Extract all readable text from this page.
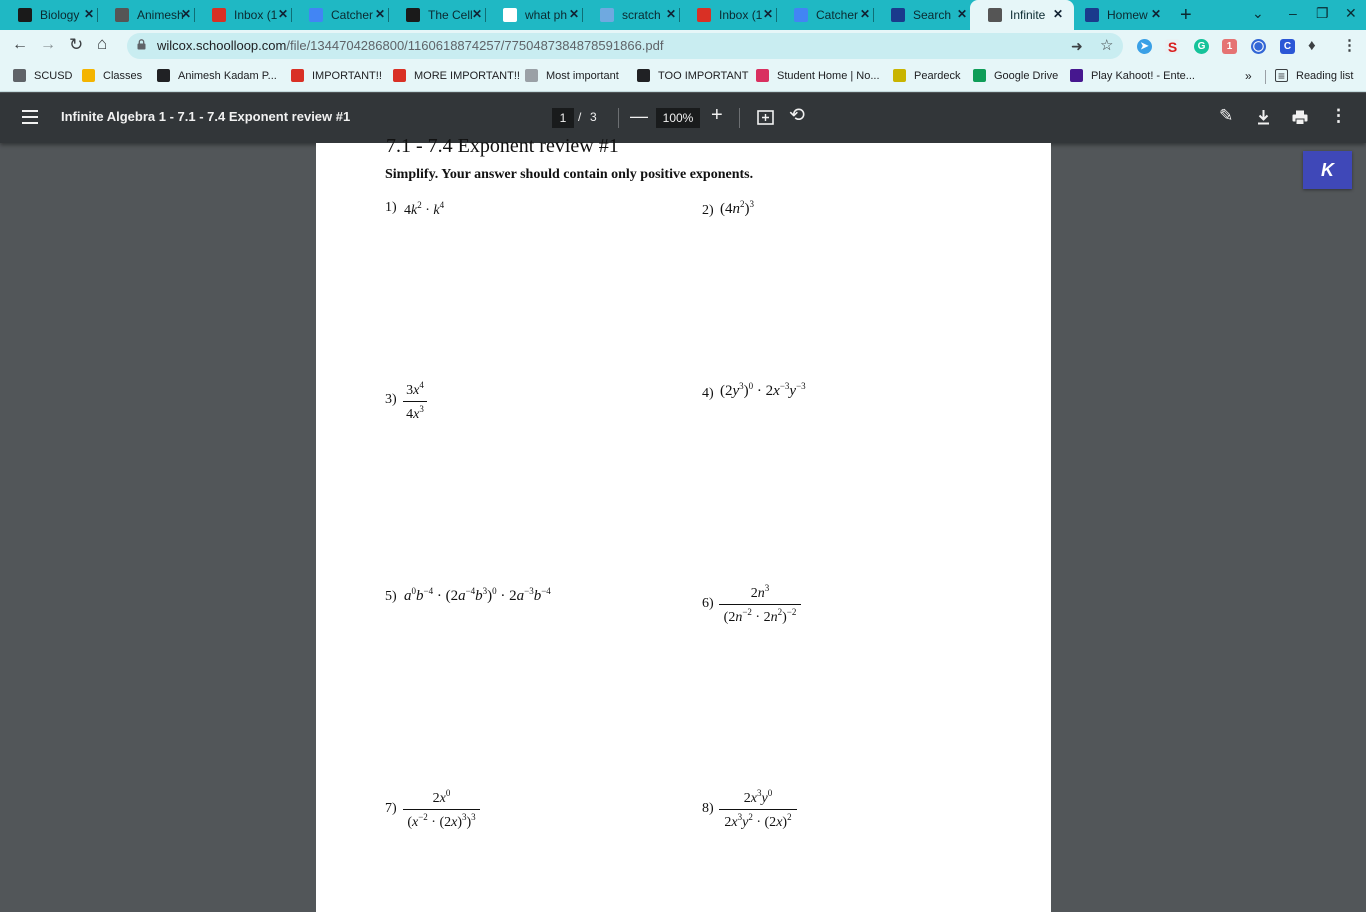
Biology ✕	Animesh
✕	Inbox (1 ✕	Catcher ✕	The Cell ✕	what ph ✕	scratch ✕	Inbox (1 ✕	Catcher ✕	Search ✕	Infinite ✕	Homew ✕ +	⌄ – ❐ ✕
← → ↻ ⌂	wilcox.schoolloop.com/file/1344704286800/1160618874257/7750487384878591866.pdf	➜ ☆	➤ S	G	1	◯	C ♦ ⋮
» ≡ Reading list
SCUSD	Classes	Animesh Kadam P...	IMPORTANT!!	MORE IMPORTANT!! Most important	TOO IMPORTANT	Student Home | No...	Peardeck	Google Drive	Play Kahoot! - Ente...
Infinite Algebra 1 - 7.1 - 7.4 Exponent review #1	1 / 3 —	100% +	⟲	✎	⋮
7.1 - 7.4 Exponent review #1
Simplify. Your answer should contain only positive exponents.
1) $4k^2 \cdot k^4$	2) $(4n^2)^3$
3)
$3x^4$
$4x^3$
4) $(2y^3)^0 \cdot 2x^{-3}y^{-3}$
5) $a^0b^{-4} \cdot (2a^{-4}b^3)^0 \cdot 2a^{-3}b^{-4}$
6)
$2n^3$
$(2n^{-2} \cdot 2n^2)^{-2}$
7)
$2x^0$
$(x^{-2} \cdot (2x)^3)^3$
8)
$2x^3y^0$
$2x^3y^2 \cdot (2x)^2$
K
